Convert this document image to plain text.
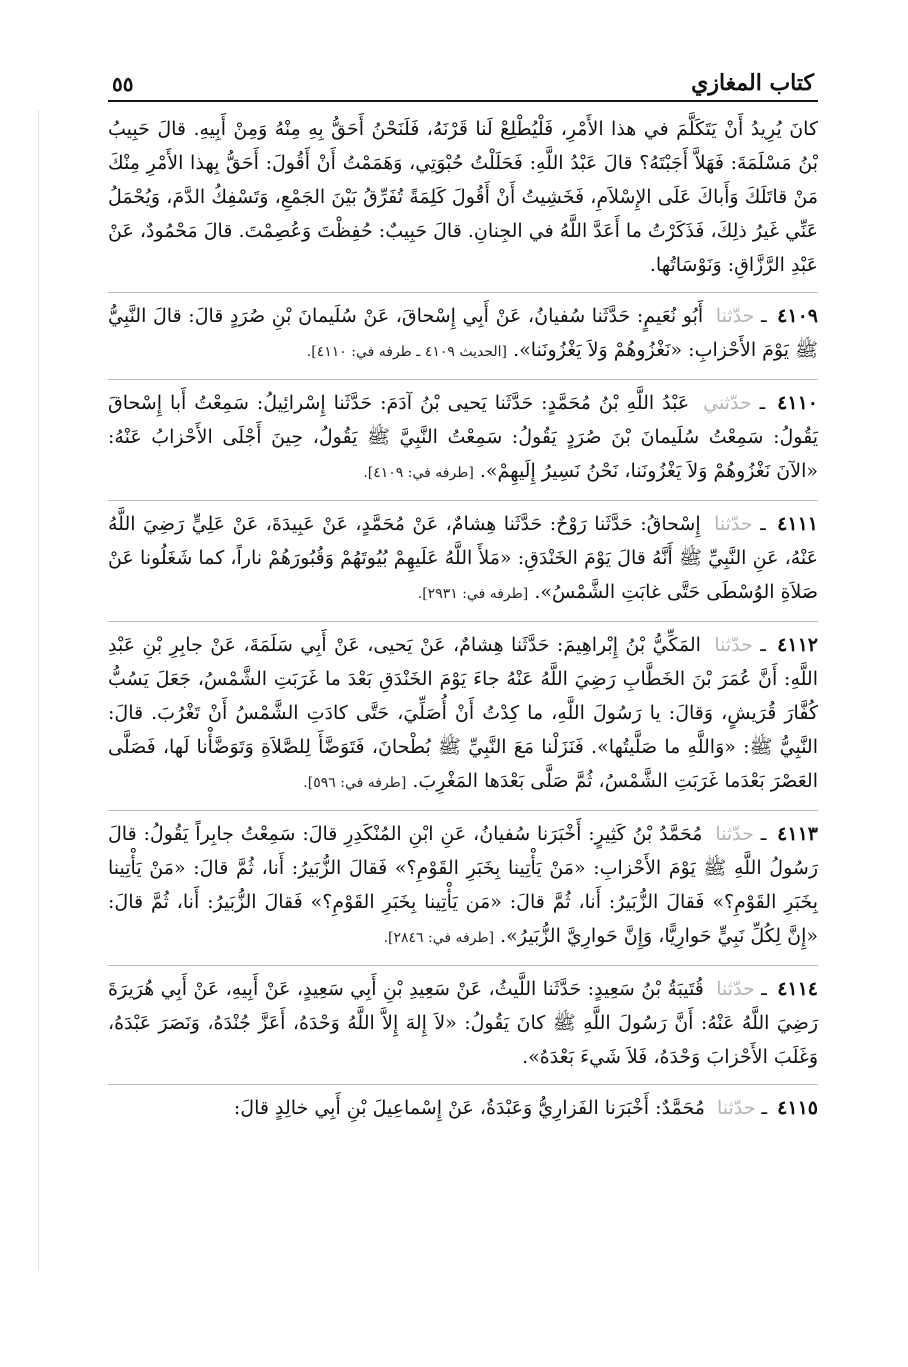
كتاب المغازي
٥٥

كانَ يُرِيدُ أَنْ يَتَكَلَّمَ في هذا الأَمْرِ، فَلْيُطْلِعْ لَنا قَرْنَهُ، فَلَنَحْنُ أَحَقُّ بِهِ مِنْهُ وَمِنْ أَبِيهِ. قالَ حَبِيبُ بْنُ مَسْلَمَةَ: فَهَلاَّ أَجَبْتَهُ؟ قالَ عَبْدُ اللَّهِ: فَحَلَلْتُ حُبْوَتِي، وَهَمَمْتُ أَنْ أَقُولَ: أَحَقُّ بِهذا الأَمْرِ مِنْكَ مَنْ قاتَلَكَ وَأَباكَ عَلَى الإِسْلاَمِ، فَخَشِيتُ أَنْ أَقُولَ كَلِمَةً تُفَرِّقُ بَيْنَ الجَمْعِ، وَتَسْفِكُ الدَّمَ، وَيُحْمَلُ عَنِّي غَيرُ ذلِكَ، فَذَكَرْتُ ما أَعَدَّ اللَّهُ في الجِنانِ. قالَ حَبِيبٌ: حُفِظْتَ وَعُصِمْتَ. قالَ مَحْمُودٌ، عَنْ عَبْدِ الرَّزَّاقِ: وَنَوْسَاتُها.

٤١٠٩ ـ حدّثنا أَبُو نُعَيمٍ: حَدَّثَنا سُفيانُ، عَنْ أَبِي إِسْحاقَ، عَنْ سُلَيمانَ بْنِ صُرَدٍ قالَ: قالَ النَّبِيُّ ﷺ يَوْمَ الأَحْزابِ: «نَغْزُوهُمْ وَلاَ يَغْزُونَنا». [الحديث ٤١٠٩ ـ طرفه في: ٤١١٠].

٤١١٠ ـ حدّثني عَبْدُ اللَّهِ بْنُ مُحَمَّدٍ: حَدَّثَنا يَحيى بْنُ آدَمَ: حَدَّثَنا إِسْرائِيلُ: سَمِعْتُ أَبا إِسْحاقَ يَقُولُ: سَمِعْتُ سُلَيمانَ بْنَ صُرَدٍ يَقُولُ: سَمِعْتُ النَّبِيَّ ﷺ يَقُولُ، حِينَ أَجْلَى الأَحْزابُ عَنْهُ: «الآنَ نَغْزُوهُمْ وَلاَ يَغْزُونَنا، نَحْنُ نَسِيرُ إِلَيهِمْ». [طرفه في: ٤١٠٩].

٤١١١ ـ حدّثنا إِسْحاقُ: حَدَّثَنا رَوْحٌ: حَدَّثَنا هِشامٌ، عَنْ مُحَمَّدٍ، عَنْ عَبِيدَةَ، عَنْ عَلِيٍّ رَضِيَ اللَّهُ عَنْهُ، عَنِ النَّبِيِّ ﷺ أَنَّهُ قالَ يَوْمَ الخَنْدَقِ: «مَلأَ اللَّهُ عَلَيهِمْ بُيُوتَهُمْ وَقُبُورَهُمْ ناراً، كما شَغَلُونا عَنْ صَلاَةِ الوُسْطَى حَتَّى غابَتِ الشَّمْسُ». [طرفه في: ٢٩٣١].

٤١١٢ ـ حدّثنا المَكِّيُّ بْنُ إِبْراهِيمَ: حَدَّثَنا هِشامٌ، عَنْ يَحيى، عَنْ أَبِي سَلَمَةَ، عَنْ جابِرِ بْنِ عَبْدِ اللَّهِ: أَنَّ عُمَرَ بْنَ الخَطَّابِ رَضِيَ اللَّهُ عَنْهُ جاءَ يَوْمَ الخَنْدَقِ بَعْدَ ما غَرَبَتِ الشَّمْسُ، جَعَلَ يَسُبُّ كُفَّارَ قُرَيشٍ، وَقالَ: يا رَسُولَ اللَّهِ، ما كِدْتُ أَنْ أُصَلِّيَ، حَتَّى كادَتِ الشَّمْسُ أَنْ تَغْرُبَ. قالَ: النَّبِيُّ ﷺ: «وَاللَّهِ ما صَلَّيتُها». فَنَزَلْنا مَعَ النَّبِيِّ ﷺ بُطْحانَ، فَتَوَضَّأَ لِلصَّلاَةِ وَتَوَضَّأْنا لَها، فَصَلَّى العَصْرَ بَعْدَما غَرَبَتِ الشَّمْسُ، ثُمَّ صَلَّى بَعْدَها المَغْرِبَ. [طرفه في: ٥٩٦].

٤١١٣ ـ حدّثنا مُحَمَّدُ بْنُ كَثِيرٍ: أَخْبَرَنا سُفيانُ، عَنِ ابْنِ المُنْكَدِرِ قالَ: سَمِعْتُ جابِراً يَقُولُ: قالَ رَسُولُ اللَّهِ ﷺ يَوْمَ الأَحْزابِ: «مَنْ يَأْتِينا بِخَبَرِ القَوْمِ؟» فَقالَ الزُّبَيرُ: أَنا، ثُمَّ قالَ: «مَنْ يَأْتِينا بِخَبَرِ القَوْمِ؟» فَقالَ الزُّبَيرُ: أَنا، ثُمَّ قالَ: «مَن يَأْتِينا بِخَبَرِ القَوْمِ؟» فَقالَ الزُّبَيرُ: أَنا، ثُمَّ قالَ: «إِنَّ لِكُلِّ نَبِيٍّ حَوارِيًّا، وَإِنَّ حَوارِيَّ الزُّبَيرُ». [طرفه في: ٢٨٤٦].

٤١١٤ ـ حدّثنا قُتَيبَةُ بْنُ سَعِيدٍ: حَدَّثَنا اللَّيثُ، عَنْ سَعِيدِ بْنِ أَبِي سَعِيدٍ، عَنْ أَبِيهِ، عَنْ أَبِي هُرَيرَةَ رَضِيَ اللَّهُ عَنْهُ: أَنَّ رَسُولَ اللَّهِ ﷺ كانَ يَقُولُ: «لاَ إِلهَ إِلاَّ اللَّهُ وَحْدَهُ، أَعَزَّ جُنْدَهُ، وَنَصَرَ عَبْدَهُ، وَغَلَبَ الأَحْزابَ وَحْدَهُ، فَلاَ شَيءَ بَعْدَهُ».

٤١١٥ ـ حدّثنا مُحَمَّدٌ: أَخْبَرَنا الفَزارِيُّ وَعَبْدَةُ، عَنْ إِسْماعِيلَ بْنِ أَبِي خالِدٍ قالَ:
